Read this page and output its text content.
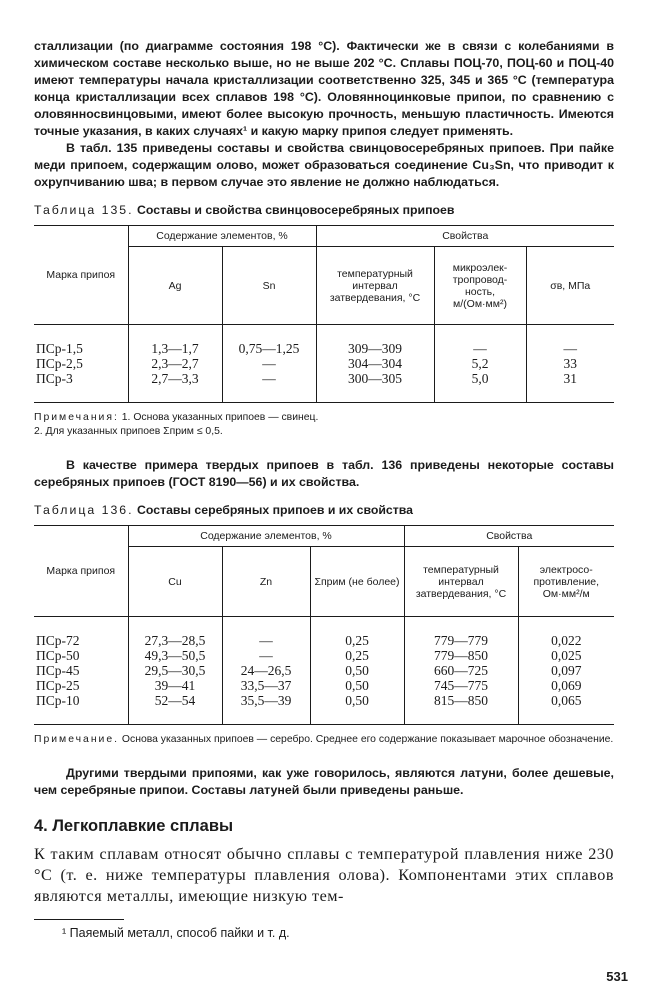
сталлизации (по диаграмме состояния 198 °С). Фактически же в связи с колебаниями в химическом составе несколько выше, но не выше 202 °С. Сплавы ПОЦ-70, ПОЦ-60 и ПОЦ-40 имеют температуры начала кристаллизации соответственно 325, 345 и 365 °С (температура конца кристаллизации всех сплавов 198 °С). Оловянноцинковые припои, по сравнению с оловянносвинцовыми, имеют более высокую прочность, меньшую пластичность. Имеются точные указания, в каких случаях¹ и какую марку припоя следует применять.

В табл. 135 приведены составы и свойства свинцовосеребряных припоев. При пайке меди припоем, содержащим олово, может образоваться соединение Cu₃Sn, что приводит к охрупчиванию шва; в первом случае это явление не должно наблюдаться.

Таблица 135. Составы и свойства свинцовосеребряных припоев
Марка припоя	Содержание элементов, %		Свойства		
	Ag	Sn	температурный интервал затвердевания, °С	микроэлек- тропровод- ность, м/(Ом·мм²)	σв, МПа
ПСр-1,5	1,3—1,7	0,75—1,25	309—309	—	—
ПСр-2,5	2,3—2,7	—	304—304	5,2	33
ПСр-3	2,7—3,3	—	300—305	5,0	31
Примечания: 1. Основа указанных припоев — свинец.
2. Для указанных припоев Σприм ≤ 0,5.

В качестве примера твердых припоев в табл. 136 приведены некоторые составы серебряных припоев (ГОСТ 8190—56) и их свойства.

Таблица 136. Составы серебряных припоев и их свойства
Марка припоя	Содержание элементов, %			Свойства	
	Cu	Zn	Σприм (не более)	температурный интервал затвердевания, °С	электросо- противление, Ом·мм²/м
ПСр-72	27,3—28,5	—	0,25	779—779	0,022
ПСр-50	49,3—50,5	—	0,25	779—850	0,025
ПСр-45	29,5—30,5	24—26,5	0,50	660—725	0,097
ПСр-25	39—41	33,5—37	0,50	745—775	0,069
ПСр-10	52—54	35,5—39	0,50	815—850	0,065
Примечание. Основа указанных припоев — серебро. Среднее его содержание показывает марочное обозначение.

Другими твердыми припоями, как уже говорилось, являются латуни, более дешевые, чем серебряные припои. Составы латуней были приведены раньше.

4. Легкоплавкие сплавы

К таким сплавам относят обычно сплавы с температурой плавления ниже 230 °С (т. е. ниже температуры плавления олова). Компонентами этих сплавов являются металлы, имеющие низкую тем-

¹ Паяемый металл, способ пайки и т. д.

531
